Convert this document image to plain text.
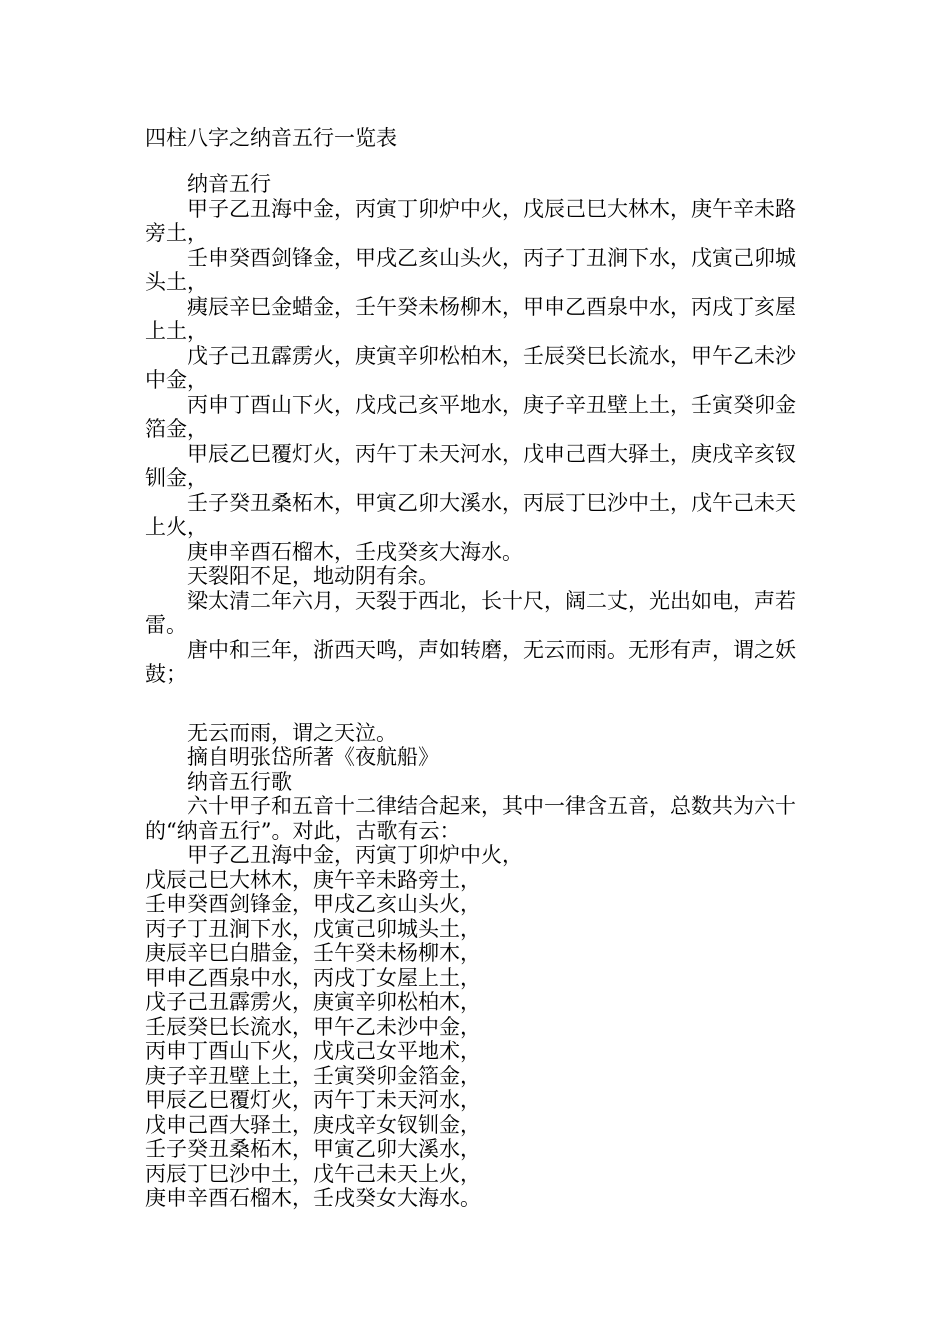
四柱八字之纳音五行一览表

纳音五行

甲子乙丑海中金，丙寅丁卯炉中火，戊辰己巳大林木，庚午辛未路旁土，

壬申癸酉剑锋金，甲戌乙亥山头火，丙子丁丑涧下水，戊寅己卯城头土，

痍辰辛巳金蜡金，壬午癸未杨柳木，甲申乙酉泉中水，丙戌丁亥屋上土，

戊子己丑霹雳火，庚寅辛卯松柏木，壬辰癸巳长流水，甲午乙未沙中金，

丙申丁酉山下火，戊戌己亥平地水，庚子辛丑壁上土，壬寅癸卯金箔金，

甲辰乙巳覆灯火，丙午丁未天河水，戊申己酉大驿土，庚戌辛亥钗钏金，

壬子癸丑桑柘木，甲寅乙卯大溪水，丙辰丁巳沙中土，戊午己未天上火，

庚申辛酉石榴木，壬戌癸亥大海水。

天裂阳不足，地动阴有余。

梁太清二年六月，天裂于西北，长十尺，阔二丈，光出如电，声若雷。

唐中和三年，浙西天鸣，声如转磨，无云而雨。无形有声，谓之妖鼓；

无云而雨，谓之天泣。

摘自明张岱所著《夜航船》

纳音五行歌

六十甲子和五音十二律结合起来，其中一律含五音，总数共为六十的“纳音五行”。对此，古歌有云：

甲子乙丑海中金，丙寅丁卯炉中火，

戊辰己巳大林木，庚午辛未路旁土，

壬申癸酉剑锋金，甲戌乙亥山头火，

丙子丁丑涧下水，戊寅己卯城头土，

庚辰辛巳白腊金，壬午癸未杨柳木，

甲申乙酉泉中水，丙戌丁女屋上土，

戊子己丑霹雳火，庚寅辛卯松柏木，

壬辰癸巳长流水，甲午乙未沙中金，

丙申丁酉山下火，戊戌己女平地术，

庚子辛丑壁上土，壬寅癸卯金箔金，

甲辰乙巳覆灯火，丙午丁未天河水，

戊申己酉大驿土，庚戌辛女钗钏金，

壬子癸丑桑柘木，甲寅乙卯大溪水，

丙辰丁巳沙中土，戊午己未天上火，

庚申辛酉石榴木，壬戌癸女大海水。
